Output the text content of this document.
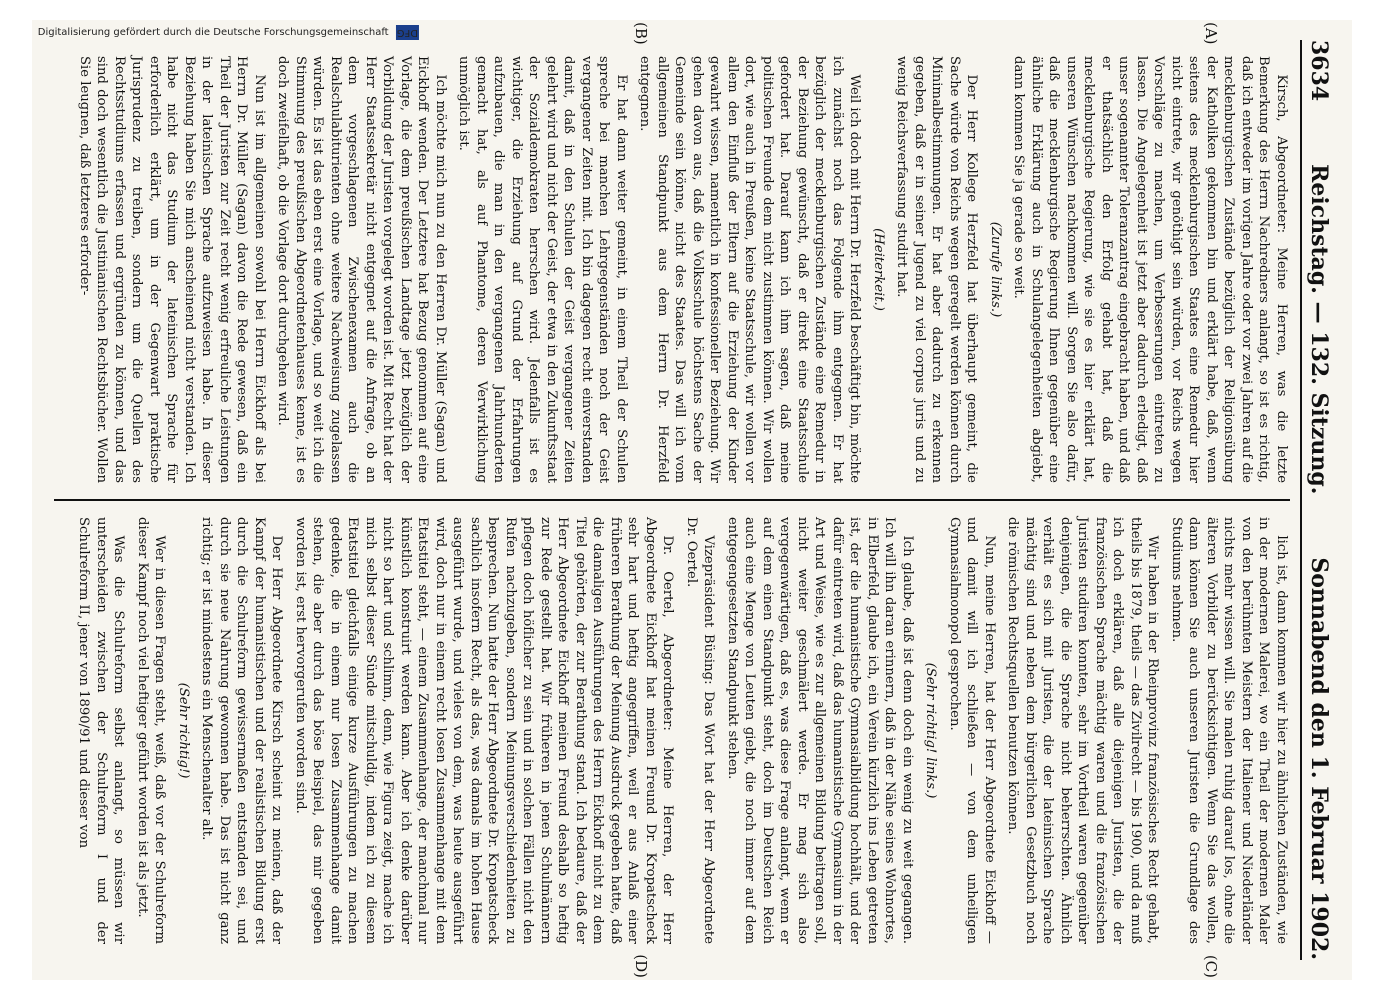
Digitalisierung gefördert durch die Deutsche Forschungsgemeinschaft DFG
3634
Reichstag. — 132. Sitzung.
Sonnabend den 1. Februar 1902.
(A)
(B)
(C)
(D)

Kirsch, Abgeordneter: Meine Herren, was die letzte Bemerkung des Herrn Nachredners anlangt, so ist es richtig, daß ich entweder im vorigen Jahre oder vor zwei Jahren auf die mecklenburgischen Zustände bezüglich der Religionsübung der Katholiken gekommen bin und erklärt habe, daß, wenn seitens des mecklenburgischen Staates eine Remedur hier nicht eintrete, wir genöthigt sein würden, vor Reichs wegen Vorschläge zu machen, um Verbesserungen eintreten zu lassen. Die Angelegenheit ist jetzt aber dadurch erledigt, daß unser sogenannter Toleranzantrag eingebracht haben, und daß er thatsächlich den Erfolg gehabt hat, daß die mecklenburgische Regierung, wie sie es hier erklärt hat, unseren Wünschen nachkommen will. Sorgen Sie also dafür, daß die mecklenburgische Regierung Ihnen gegenüber eine ähnliche Erklärung auch in Schulangelegenheiten abgiebt, dann kommen Sie ja gerade so weit.

(Zurufe links.)

Der Herr Kollege Herzfeld hat überhaupt gemeint, die Sache würde von Reichs wegen geregelt werden können durch Minimalbestimmungen. Er hat aber dadurch zu erkennen gegeben, daß er in seiner Jugend zu viel corpus juris und zu wenig Reichsverfassung studirt hat.

(Heiterkeit.)

Weil ich doch mit Herrn Dr. Herzfeld beschäftigt bin, möchte ich zunächst noch das Folgende ihm entgegnen. Er hat bezüglich der mecklenburgischen Zustände eine Remedur in der Beziehung gewünscht, daß er direkt eine Staatsschule gefordert hat. Darauf kann ich ihm sagen, daß meine politischen Freunde dem nicht zustimmen können. Wir wollen dort, wie auch in Preußen, keine Staatsschule, wir wollen vor allem den Einfluß der Eltern auf die Erziehung der Kinder gewahrt wissen, namentlich in konfessioneller Beziehung. Wir gehen davon aus, daß die Volksschule höchstens Sache der Gemeinde sein könne, nicht des Staates. Das will ich vom allgemeinen Standpunkt aus dem Herrn Dr. Herzfeld entgegnen.

Er hat dann weiter gemeint, in einem Theil der Schulen spreche bei manchen Lehrgegenständen noch der Geist vergangener Zeiten mit. Ich bin dagegen recht einverstanden damit, daß in den Schulen der Geist vergangener Zeiten gelehrt wird und nicht der Geist, der etwa in den Zukunftsstaat der Sozialdemokraten herrschen wird. Jedenfalls ist es wichtiger, die Erziehung auf Grund der Erfahrungen aufzubauen, die man in den vergangenen Jahrhunderten gemacht hat, als auf Phantome, deren Verwirklichung unmöglich ist.

Ich möchte mich nun zu den Herren Dr. Müller (Sagan) und Eickhoff wenden. Der Letztere hat Bezug genommen auf eine Vorlage, die dem preußischen Landtage jetzt bezüglich der Vorbildung der Juristen vorgelegt worden ist. Mit Recht hat der Herr Staatssekretär nicht entgegnet auf die Anfrage, ob an dem vorgeschlagenen Zwischenexamen auch die Realschulabiturienten ohne weitere Nachweisung zugelassen würden. Es ist das eben erst eine Vorlage, und so weit ich die Stimmung des preußischen Abgeordnetenhauses kenne, ist es doch zweifelhaft, ob die Vorlage dort durchgehen wird.

Nun ist im allgemeinen sowohl bei Herrn Eickhoff als bei Herrn Dr. Müller (Sagan) davon die Rede gewesen, daß ein Theil der Juristen zur Zeit recht wenig erfreuliche Leistungen in der lateinischen Sprache aufzuweisen habe. In dieser Beziehung haben Sie mich anscheinend nicht verstanden. Ich habe nicht das Studium der lateinischen Sprache für erforderlich erklärt, um in der Gegenwart praktische Jurisprudenz zu treiben, sondern um die Quellen des Rechtsstudiums erfassen und ergründen zu können, und das sind doch wesentlich die Justinianischen Rechtsbücher. Wollen Sie leugnen, daß letzteres erforder-

lich ist, dann kommen wir hier zu ähnlichen Zuständen, wie in der modernen Malerei, wo ein Theil der modernen Maler von den berühmten Meistern der Italiener und Niederländer nichts mehr wissen will. Sie malen ruhig darauf los, ohne die älteren Vorbilder zu berücksichtigen. Wenn Sie das wollen, dann können Sie auch unseren Juristen die Grundlage des Studiums nehmen.

Wir haben in der Rheinprovinz französisches Recht gehabt, theils bis 1879, theils — das Zivilrecht — bis 1900, und da muß ich doch erklären, daß alle diejenigen Juristen, die der französischen Sprache mächtig waren und die französischen Juristen studiren konnten, sehr im Vortheil waren gegenüber denjenigen, die die Sprache nicht beherrschten. Ähnlich verhält es sich mit Juristen, die der lateinischen Sprache mächtig sind und neben dem bürgerlichen Gesetzbuch noch die römischen Rechtsquellen benutzen können.

Nun, meine Herren, hat der Herr Abgeordnete Eickhoff — und damit will ich schließen — von dem unheiligen Gymnasialmonopol gesprochen.

(Sehr richtig! links.)

Ich glaube, daß ist denn doch ein wenig zu weit gegangen. Ich will ihn daran erinnern, daß in der Nähe seines Wohnortes, in Elberfeld, glaube ich, ein Verein kürzlich ins Leben getreten ist, der die humanistische Gymnasialbildung hochhält, und der dafür eintreten wird, daß das humanistische Gymnasium in der Art und Weise, wie es zur allgemeinen Bildung beitragen soll, nicht weiter geschmälert werde. Er mag sich also vergegenwärtigen, daß es, was diese Frage anlangt, wenn er auf dem einen Standpunkt steht, doch im Deutschen Reich auch eine Menge von Leuten giebt, die noch immer auf dem entgegengesetzten Standpunkt stehen.

Vizepräsident Büsing: Das Wort hat der Herr Abgeordnete Dr. Oertel.

Dr. Oertel, Abgeordneter: Meine Herren, der Herr Abgeordnete Eickhoff hat meinen Freund Dr. Kropatscheck sehr hart und heftig angegriffen, weil er aus Anlaß einer früheren Berathung der Meinung Ausdruck gegeben hatte, daß die damaligen Ausführungen des Herrn Eickhoff nicht zu dem Titel gehörten, der zur Berathung stand. Ich bedaure, daß der Herr Abgeordnete Eickhoff meinen Freund deshalb so heftig zur Rede gestellt hat. Wir früheren in jenen Schulmännern pflegen doch höflicher zu sein und in solchen Fällen nicht den Rufen nachzugeben, sondern Meinungsverschiedenheiten zu besprechen. Nun hatte der Herr Abgeordnete Dr. Kropatscheck sachlich insofern Recht, als das, was damals im hohen Hause ausgeführt wurde, und vieles von dem, was heute ausgeführt wird, doch nur in einem recht losen Zusammenhange mit dem Etatstitel steht, — einem Zusammenhange, der manchmal nur künstlich konstruirt werden kann. Aber ich denke darüber nicht so hart und schlimm, denn, wie Figura zeigt, mache ich mich selbst dieser Sünde mitschuldig, indem ich zu diesem Etatstitel gleichfalls einige kurze Ausführungen zu machen gedenke, die in einem nur losen Zusammenhange damit stehen, die aber durch das böse Beispiel, das mir gegeben worden ist, erst hervorgerufen worden sind.

Der Herr Abgeordnete Kirsch scheint zu meinen, daß der Kampf der humanistischen und der realistischen Bildung erst durch die Schulreform gewissermaßen entstanden sei, und durch sie neue Nahrung gewonnen habe. Das ist nicht ganz richtig; er ist mindestens ein Menschenalter alt.

(Sehr richtig!)

Wer in diesen Fragen steht, weiß, daß vor der Schulreform dieser Kampf noch viel heftiger geführt worden ist als jetzt.

Was die Schulreform selbst anlangt, so müssen wir unterscheiden zwischen der Schulreform I und der Schulreform II, jener von 1890/91 und dieser von
